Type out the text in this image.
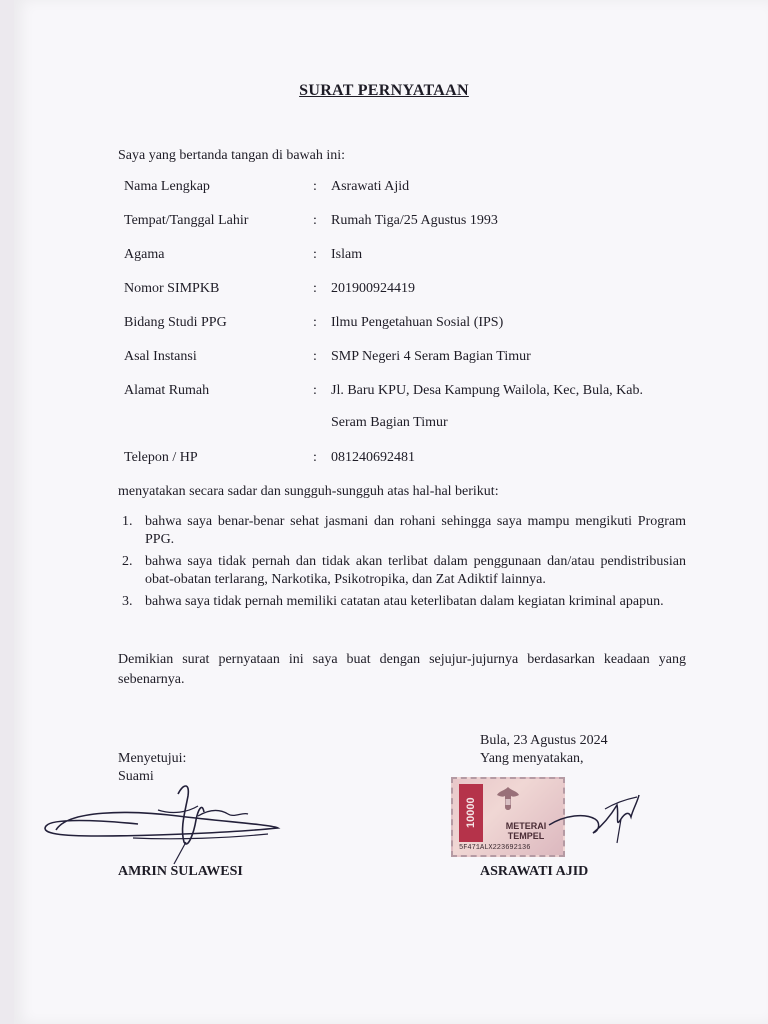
SURAT PERNYATAAN
Saya yang bertanda tangan di bawah ini:
Nama Lengkap	: Asrawati Ajid
Tempat/Tanggal Lahir	: Rumah Tiga/25 Agustus 1993
Agama	: Islam
Nomor SIMPKB	: 201900924419
Bidang Studi PPG	: Ilmu Pengetahuan Sosial (IPS)
Asal Instansi	: SMP Negeri 4 Seram Bagian Timur
Alamat Rumah	: Jl. Baru KPU, Desa Kampung Wailola, Kec, Bula, Kab.
Seram Bagian Timur
Telepon / HP	: 081240692481
menyatakan secara sadar dan sungguh-sungguh atas hal-hal berikut:
1. bahwa saya benar-benar sehat jasmani dan rohani sehingga saya mampu mengikuti Program PPG.
2. bahwa saya tidak pernah dan tidak akan terlibat dalam penggunaan dan/atau pendistribusian obat-obatan terlarang, Narkotika, Psikotropika, dan Zat Adiktif lainnya.
3. bahwa saya tidak pernah memiliki catatan atau keterlibatan dalam kegiatan kriminal apapun.
Demikian surat pernyataan ini saya buat dengan sejujur-jujurnya berdasarkan keadaan yang sebenarnya.
Bula, 23 Agustus 2024
Yang menyatakan,
Menyetujui:
Suami
10000	METERAI
TEMPEL
5F471ALX223692136
AMRIN SULAWESI	ASRAWATI AJID
